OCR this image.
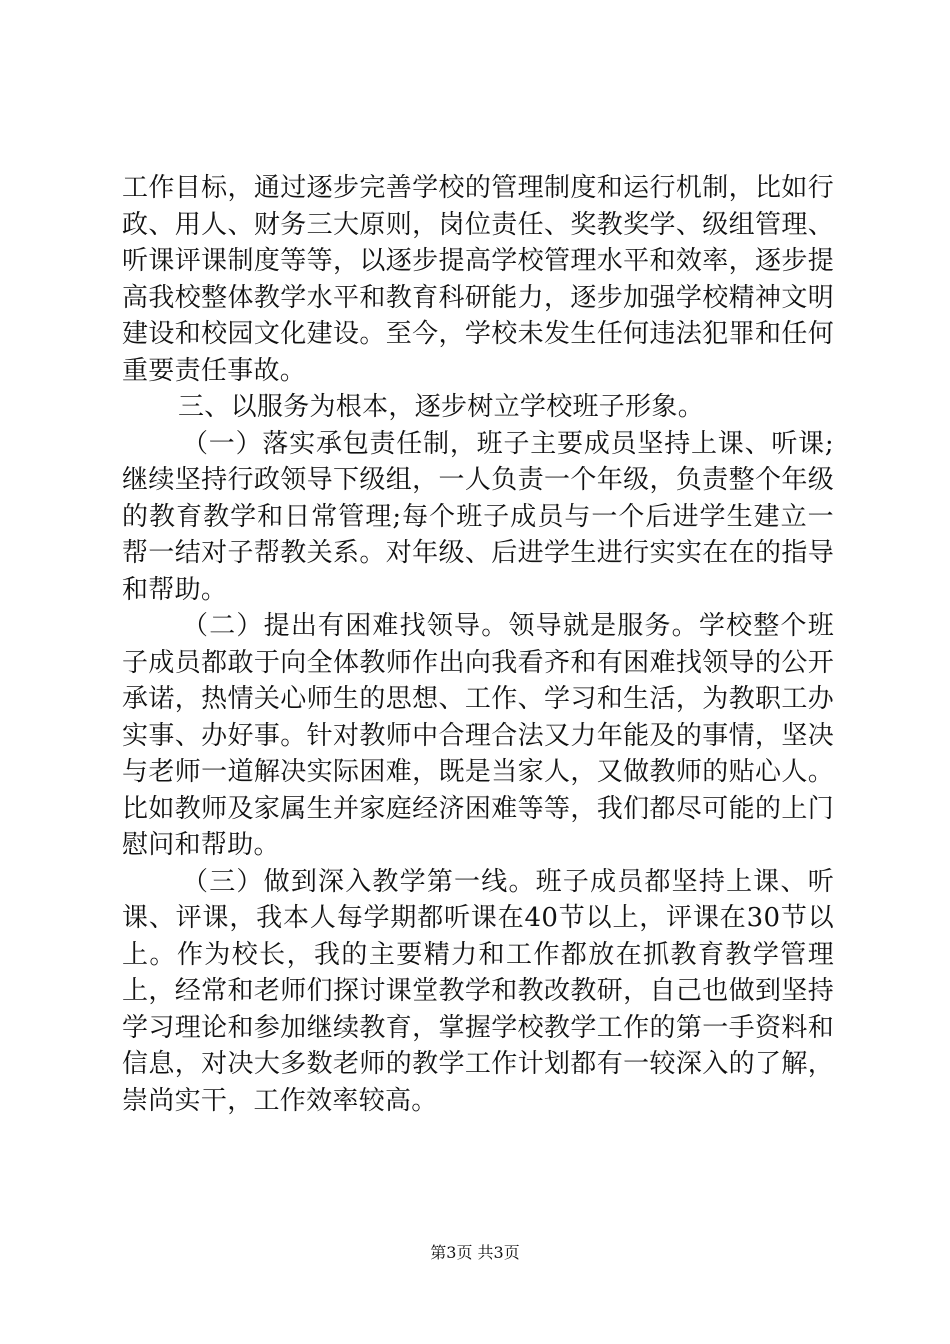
工作目标，通过逐步完善学校的管理制度和运行机制，比如行政、用人、财务三大原则，岗位责任、奖教奖学、级组管理、听课评课制度等等，以逐步提高学校管理水平和效率，逐步提高我校整体教学水平和教育科研能力，逐步加强学校精神文明建设和校园文化建设。至今，学校未发生任何违法犯罪和任何重要责任事故。

三、以服务为根本，逐步树立学校班子形象。

（一）落实承包责任制，班子主要成员坚持上课、听课;继续坚持行政领导下级组，一人负责一个年级，负责整个年级的教育教学和日常管理;每个班子成员与一个后进学生建立一帮一结对子帮教关系。对年级、后进学生进行实实在在的指导和帮助。

（二）提出有困难找领导。领导就是服务。学校整个班子成员都敢于向全体教师作出向我看齐和有困难找领导的公开承诺，热情关心师生的思想、工作、学习和生活，为教职工办实事、办好事。针对教师中合理合法又力年能及的事情，坚决与老师一道解决实际困难，既是当家人，又做教师的贴心人。比如教师及家属生并家庭经济困难等等，我们都尽可能的上门慰问和帮助。

（三）做到深入教学第一线。班子成员都坚持上课、听课、评课，我本人每学期都听课在40节以上，评课在30节以上。作为校长，我的主要精力和工作都放在抓教育教学管理上，经常和老师们探讨课堂教学和教改教研，自己也做到坚持学习理论和参加继续教育，掌握学校教学工作的第一手资料和信息，对决大多数老师的教学工作计划都有一较深入的了解，崇尚实干，工作效率较高。

第3页 共3页
